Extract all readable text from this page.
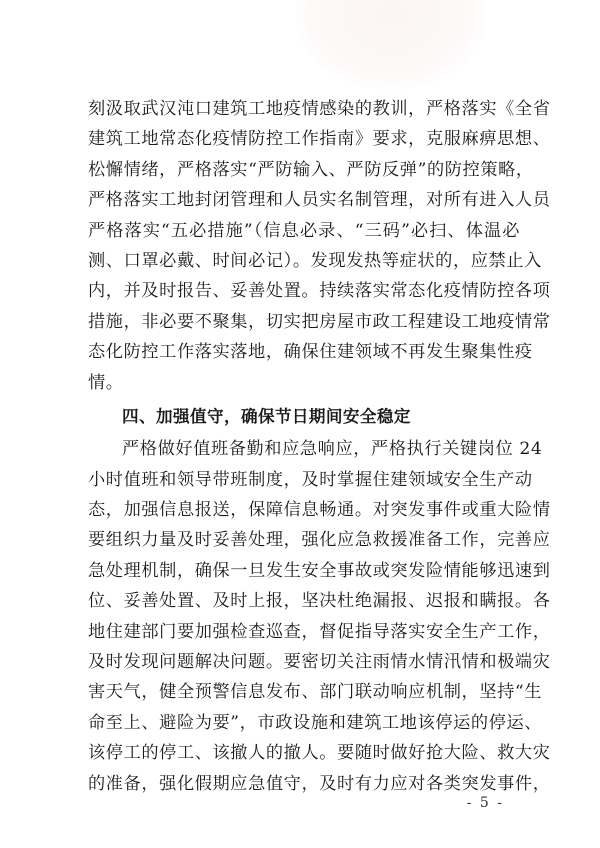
刻汲取武汉沌口建筑工地疫情感染的教训，严格落实《全省
建筑工地常态化疫情防控工作指南》要求，克服麻痹思想、
松懈情绪，严格落实“严防输入、严防反弹”的防控策略，
严格落实工地封闭管理和人员实名制管理，对所有进入人员
严格落实“五必措施”（信息必录、“三码”必扫、体温必
测、口罩必戴、时间必记）。发现发热等症状的，应禁止入
内，并及时报告、妥善处置。持续落实常态化疫情防控各项
措施，非必要不聚集，切实把房屋市政工程建设工地疫情常
态化防控工作落实落地，确保住建领域不再发生聚集性疫
情。
四、加强值守，确保节日期间安全稳定
严格做好值班备勤和应急响应，严格执行关键岗位 24
小时值班和领导带班制度，及时掌握住建领域安全生产动
态，加强信息报送，保障信息畅通。对突发事件或重大险情
要组织力量及时妥善处理，强化应急救援准备工作，完善应
急处理机制，确保一旦发生安全事故或突发险情能够迅速到
位、妥善处置、及时上报，坚决杜绝漏报、迟报和瞒报。各
地住建部门要加强检查巡查，督促指导落实安全生产工作，
及时发现问题解决问题。要密切关注雨情水情汛情和极端灾
害天气，健全预警信息发布、部门联动响应机制，坚持“生
命至上、避险为要”，市政设施和建筑工地该停运的停运、
该停工的停工、该撤人的撤人。要随时做好抢大险、救大灾
的准备，强化假期应急值守，及时有力应对各类突发事件，
- 5 -
